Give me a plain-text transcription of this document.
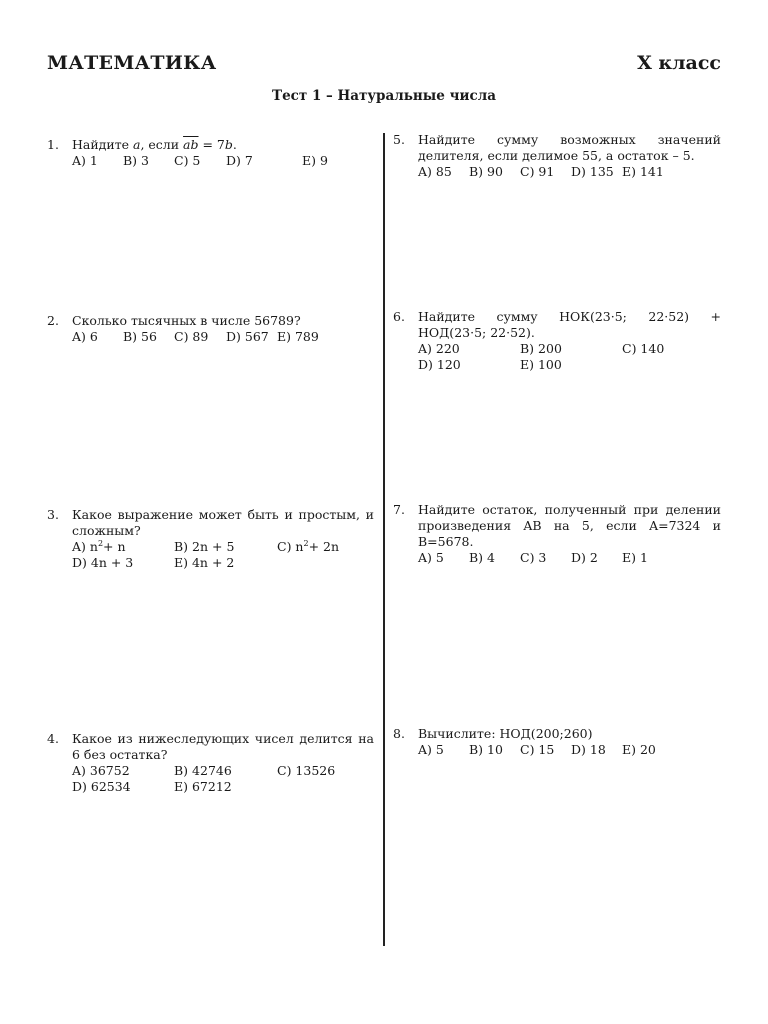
МАТЕМАТИКА	X класс
Тест 1 – Натуральные числа
1. Найдите a, если $\overline{ab} = 7b$.
A) 1	B) 3	C) 5	D) 7	E) 9
2. Сколько тысячных в числе 56789?
A) 6	B) 56	C) 89	D) 567 E) 789
3. Какое выражение может быть и простым, и сложным?
A) $n^2+ n$	B) 2n + 5	C) $n^2+ 2n$
D) 4n + 3	E) 4n + 2
4. Какое из нижеследующих чисел делится на 6 без остатка?
A) 36752	B) 42746	C) 13526
D) 62534	E) 67212
5. Найдите сумму возможных значений делителя, если делимое 55, а остаток – 5.
A) 85	B) 90	C) 91	D) 135 E) 141
6. Найдите сумму НОК(23·5; 22·52) + НОД(23·5; 22·52).
A) 220	B) 200	C) 140
D) 120	E) 100
7. Найдите остаток, полученный при делении произведения AB на 5, если A=7324 и B=5678.
A) 5	B) 4	C) 3	D) 2	E) 1
8. Вычислите: НОД(200;260)
A) 5	B) 10	C) 15	D) 18	E) 20
